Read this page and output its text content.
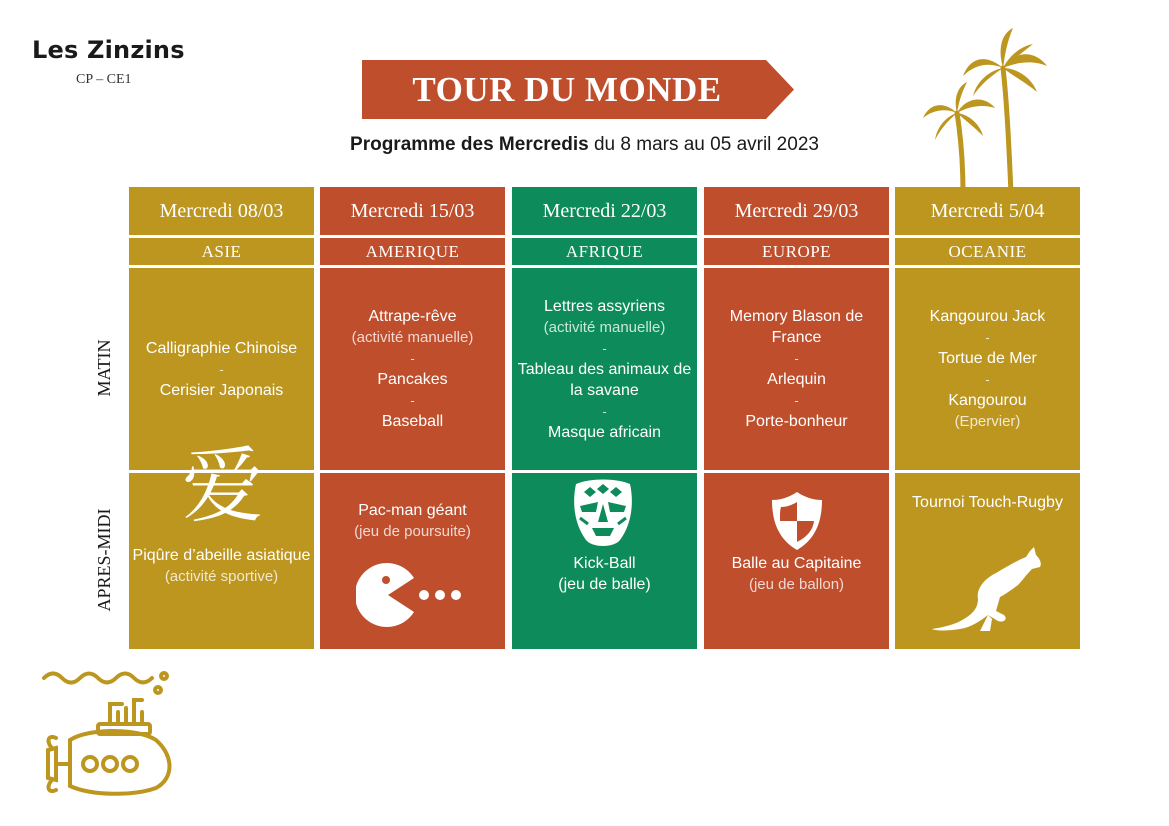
Les Zinzins
CP – CE1	TOUR DU MONDE
Programme des Mercredis du 8 mars au 05 avril 2023
Mercredi 08/03
ASIE
Calligraphie Chinoise
-
Cerisier Japonais
Mercredi 15/03
AMERIQUE
Attrape-rêve
(activité manuelle)
-
Pancakes
-
Baseball
Mercredi 22/03
AFRIQUE
Lettres assyriens
(activité manuelle)
-
Tableau des animaux de la savane
-
Masque africain
Mercredi 29/03
EUROPE
Memory Blason de France
-
Arlequin
-
Porte-bonheur
Mercredi 5/04
OCEANIE
Kangourou Jack
-
Tortue de Mer
-
Kangourou
(Epervier)
MATIN
APRES-MIDI Piqûre d’abeille asiatique
(activité sportive)
Pac-man géant
(jeu de poursuite)
Kick-Ball
(jeu de balle)
Balle au Capitaine
(jeu de ballon)
Tournoi Touch-Rugby
爱
